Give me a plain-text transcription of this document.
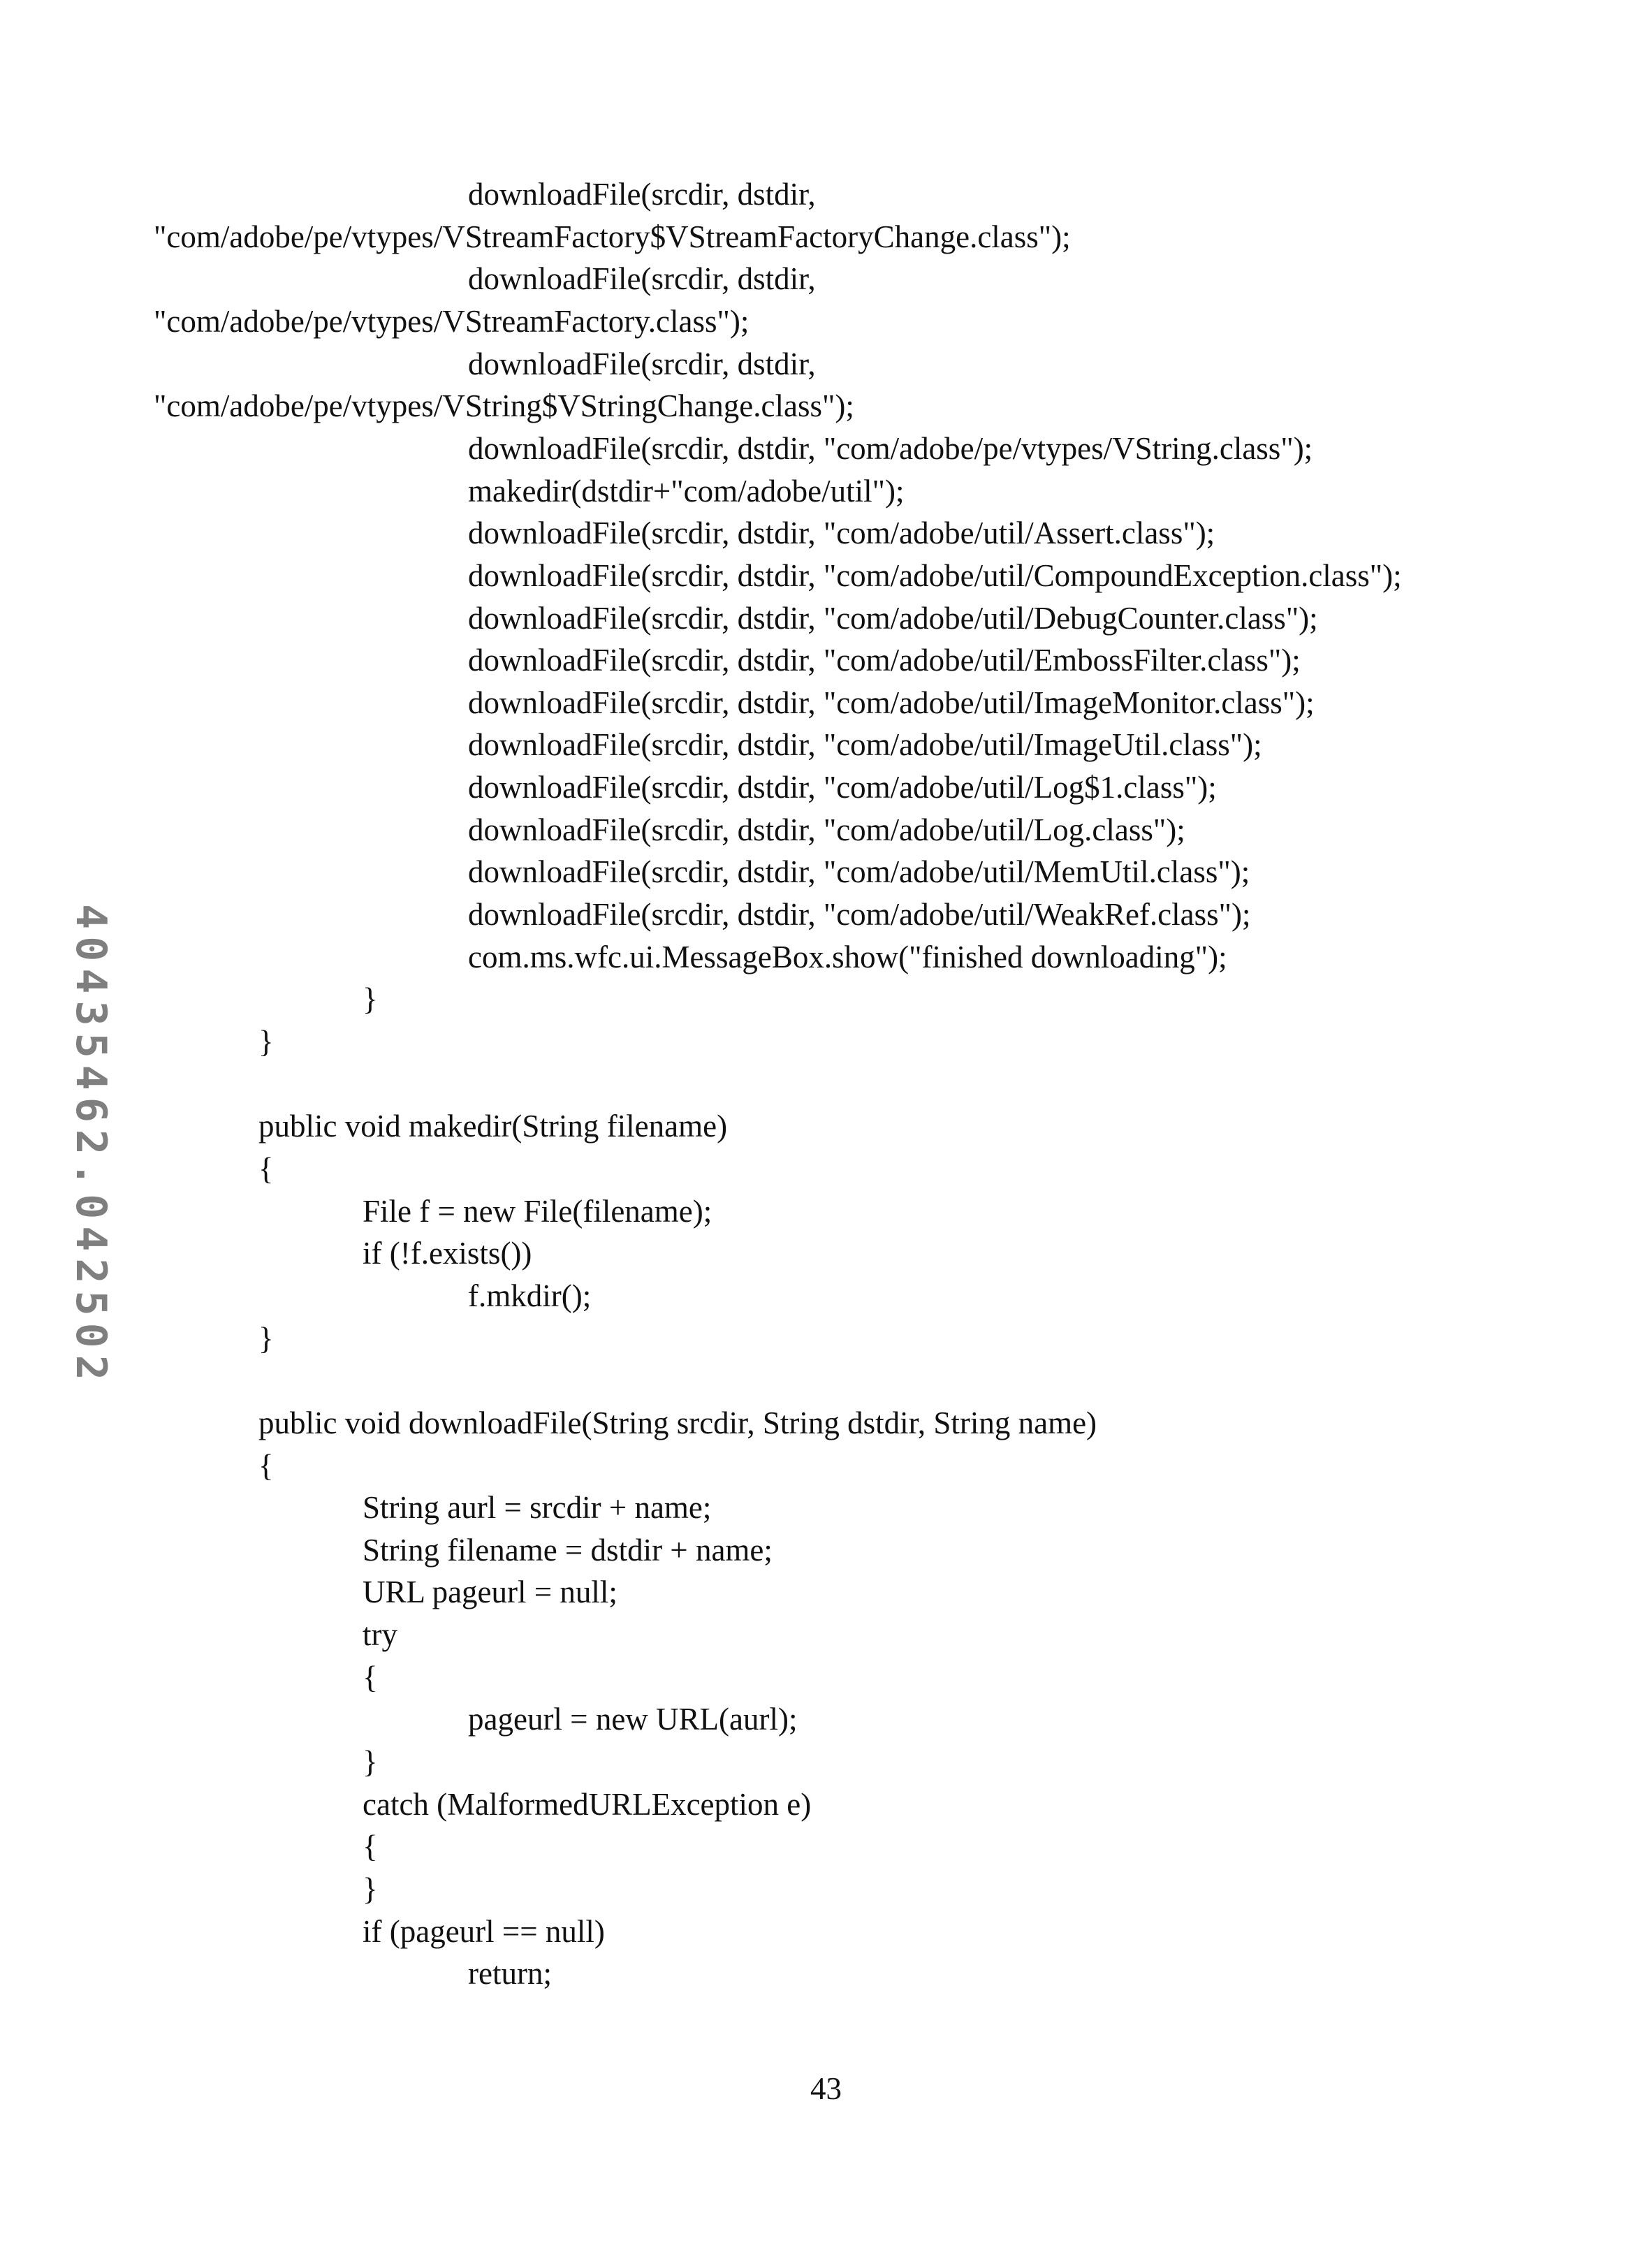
40435462.042502
downloadFile(srcdir, dstdir,
"com/adobe/pe/vtypes/VStreamFactory$VStreamFactoryChange.class");
downloadFile(srcdir, dstdir,
"com/adobe/pe/vtypes/VStreamFactory.class");
downloadFile(srcdir, dstdir,
"com/adobe/pe/vtypes/VString$VStringChange.class");
downloadFile(srcdir, dstdir, "com/adobe/pe/vtypes/VString.class");
makedir(dstdir+"com/adobe/util");
downloadFile(srcdir, dstdir, "com/adobe/util/Assert.class");
downloadFile(srcdir, dstdir, "com/adobe/util/CompoundException.class");
downloadFile(srcdir, dstdir, "com/adobe/util/DebugCounter.class");
downloadFile(srcdir, dstdir, "com/adobe/util/EmbossFilter.class");
downloadFile(srcdir, dstdir, "com/adobe/util/ImageMonitor.class");
downloadFile(srcdir, dstdir, "com/adobe/util/ImageUtil.class");
downloadFile(srcdir, dstdir, "com/adobe/util/Log$1.class");
downloadFile(srcdir, dstdir, "com/adobe/util/Log.class");
downloadFile(srcdir, dstdir, "com/adobe/util/MemUtil.class");
downloadFile(srcdir, dstdir, "com/adobe/util/WeakRef.class");
com.ms.wfc.ui.MessageBox.show("finished downloading");
}
}
public void makedir(String filename)
{
File f = new File(filename);
if (!f.exists())
f.mkdir();
}
public void downloadFile(String srcdir, String dstdir, String name)
{
String aurl = srcdir + name;
String filename = dstdir + name;
URL pageurl = null;
try
{
pageurl = new URL(aurl);
}
catch (MalformedURLException e)
{
}
if (pageurl == null)
return;
43
